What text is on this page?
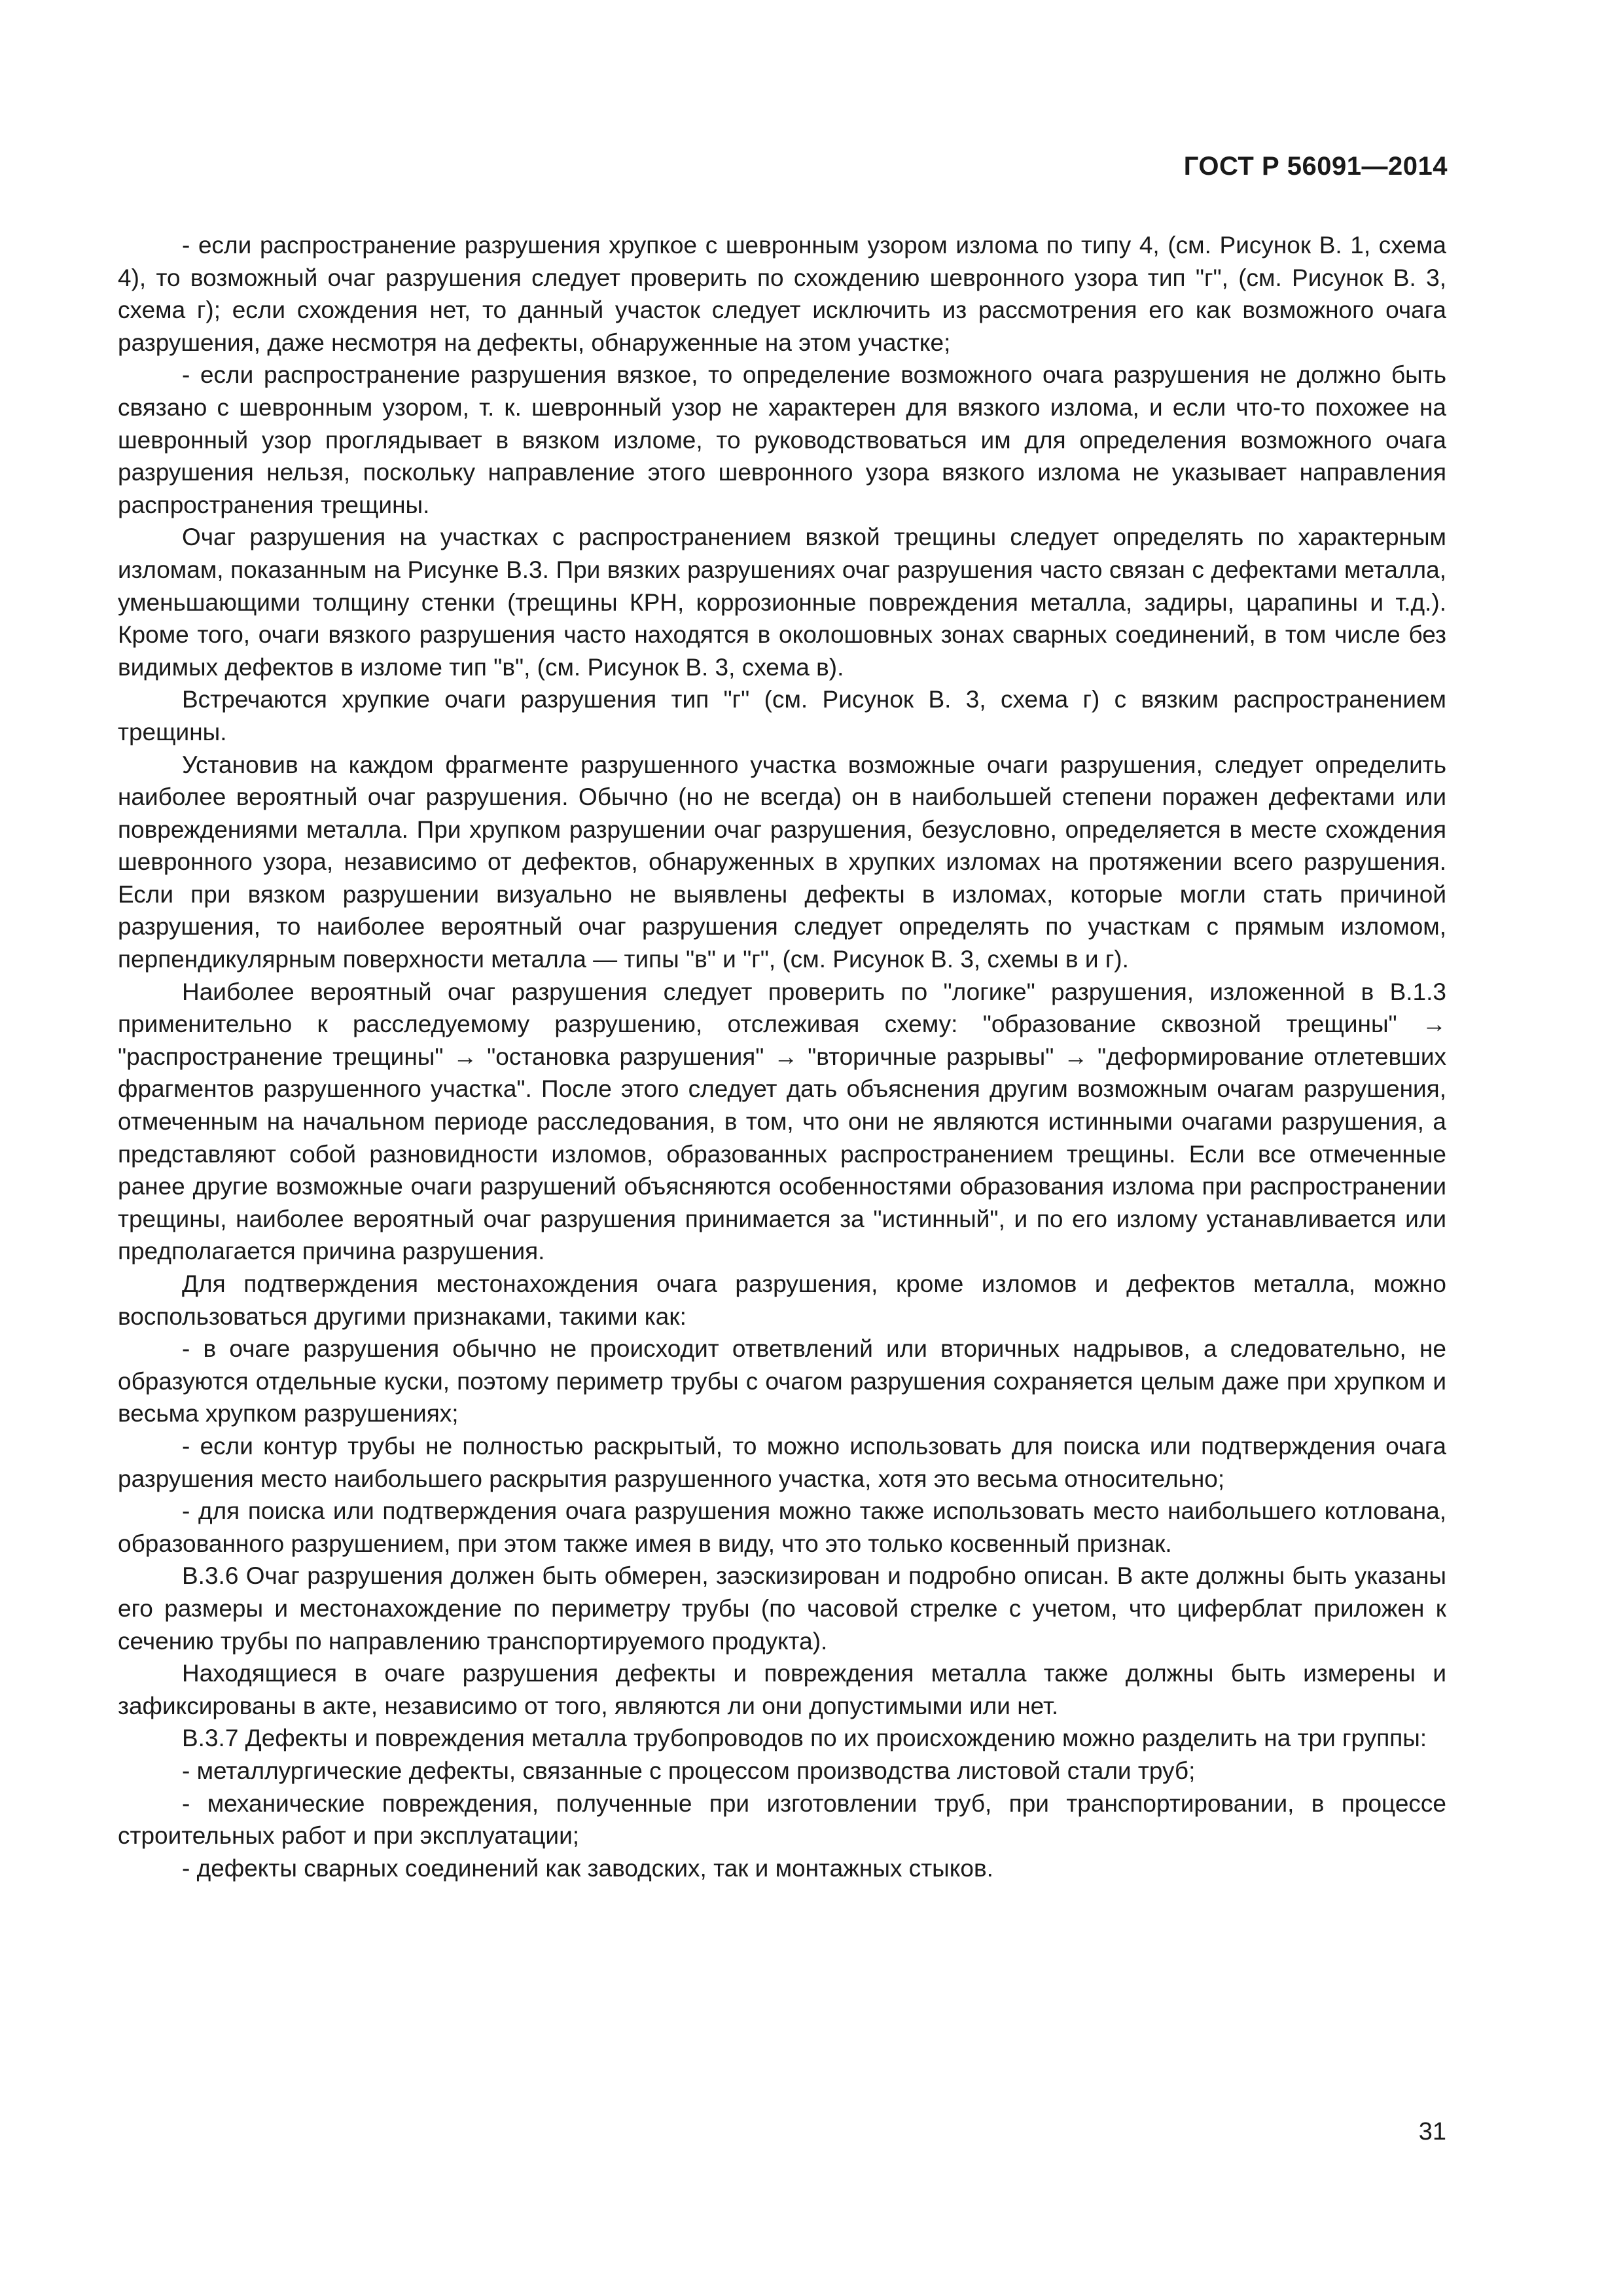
ГОСТ Р 56091—2014

- если распространение разрушения хрупкое с шевронным узором излома по типу 4, (см. Рисунок В. 1, схема 4), то возможный очаг разрушения следует проверить по схождению шевронного узора тип "г", (см. Рисунок В. 3, схема г); если схождения нет, то данный участок следует исключить из рассмотрения его как возможного очага разрушения, даже несмотря на дефекты, обнаруженные на этом участке;

- если распространение разрушения вязкое, то определение возможного очага разрушения не должно быть связано с шевронным узором, т. к. шевронный узор не характерен для вязкого излома, и если что-то похожее на шевронный узор проглядывает в вязком изломе, то руководствоваться им для определения возможного очага разрушения нельзя, поскольку направление этого шевронного узора вязкого излома не указывает направления распространения трещины.

Очаг разрушения на участках с распространением вязкой трещины следует определять по характерным изломам, показанным на Рисунке В.3. При вязких разрушениях очаг разрушения часто связан с дефектами металла, уменьшающими толщину стенки (трещины КРН, коррозионные повреждения металла, задиры, царапины и т.д.). Кроме того, очаги вязкого разрушения часто находятся в околошовных зонах сварных соединений, в том числе без видимых дефектов в изломе тип "в", (см. Рисунок В. 3, схема в).

Встречаются хрупкие очаги разрушения тип "г" (см. Рисунок В. 3, схема г) с вязким распространением трещины.

Установив на каждом фрагменте разрушенного участка возможные очаги разрушения, следует определить наиболее вероятный очаг разрушения. Обычно (но не всегда) он в наибольшей степени поражен дефектами или повреждениями металла. При хрупком разрушении очаг разрушения, безусловно, определяется в месте схождения шевронного узора, независимо от дефектов, обнаруженных в хрупких изломах на протяжении всего разрушения. Если при вязком разрушении визуально не выявлены дефекты в изломах, которые могли стать причиной разрушения, то наиболее вероятный очаг разрушения следует определять по участкам с прямым изломом, перпендикулярным поверхности металла — типы "в" и "г", (см. Рисунок В. 3, схемы в и г).

Наиболее вероятный очаг разрушения следует проверить по "логике" разрушения, изложенной в В.1.3 применительно к расследуемому разрушению, отслеживая схему: "образование сквозной трещины" → "распространение трещины" → "остановка разрушения" → "вторичные разрывы" → "деформирование отлетевших фрагментов разрушенного участка". После этого следует дать объяснения другим возможным очагам разрушения, отмеченным на начальном периоде расследования, в том, что они не являются истинными очагами разрушения, а представляют собой разновидности изломов, образованных распространением трещины. Если все отмеченные ранее другие возможные очаги разрушений объясняются особенностями образования излома при распространении трещины, наиболее вероятный очаг разрушения принимается за "истинный", и по его излому устанавливается или предполагается причина разрушения.

Для подтверждения местонахождения очага разрушения, кроме изломов и дефектов металла, можно воспользоваться другими признаками, такими как:

- в очаге разрушения обычно не происходит ответвлений или вторичных надрывов, а следовательно, не образуются отдельные куски, поэтому периметр трубы с очагом разрушения сохраняется целым даже при хрупком и весьма хрупком разрушениях;

- если контур трубы не полностью раскрытый, то можно использовать для поиска или подтверждения очага разрушения место наибольшего раскрытия разрушенного участка, хотя это весьма относительно;

- для поиска или подтверждения очага разрушения можно также использовать место наибольшего котлована, образованного разрушением, при этом также имея в виду, что это только косвенный признак.

В.3.6 Очаг разрушения должен быть обмерен, заэскизирован и подробно описан. В акте должны быть указаны его размеры и местонахождение по периметру трубы (по часовой стрелке с учетом, что циферблат приложен к сечению трубы по направлению транспортируемого продукта).

Находящиеся в очаге разрушения дефекты и повреждения металла также должны быть измерены и зафиксированы в акте, независимо от того, являются ли они допустимыми или нет.

В.3.7 Дефекты и повреждения металла трубопроводов по их происхождению можно разделить на три группы:

- металлургические дефекты, связанные с процессом производства листовой стали труб;

- механические повреждения, полученные при изготовлении труб, при транспортировании, в процессе строительных работ и при эксплуатации;

- дефекты сварных соединений как заводских, так и монтажных стыков.

31
